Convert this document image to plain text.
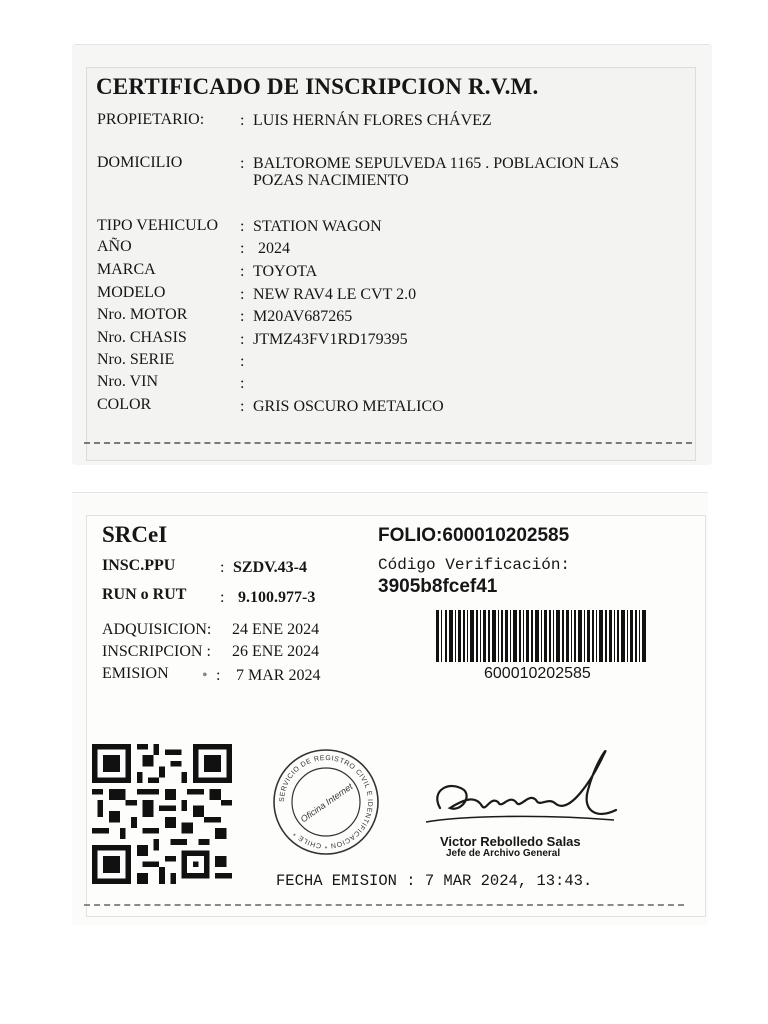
CERTIFICADO DE INSCRIPCION R.V.M.
PROPIETARIO: : LUIS HERNÁN FLORES CHÁVEZ
DOMICILIO	: BALTOROME SEPULVEDA 1165 . POBLACION LAS
POZAS NACIMIENTO
TIPO VEHICULO : STATION WAGON
AÑO	: 2024
MARCA	: TOYOTA
MODELO	: NEW RAV4 LE CVT 2.0
Nro. MOTOR	: M20AV687265
Nro. CHASIS	: JTMZ43FV1RD179395
Nro. SERIE	:
Nro. VIN	:
COLOR	: GRIS OSCURO METALICO
SRCeI
INSC.PPU	: SZDV.43-4
RUN o RUT : 9.100.977-3
ADQUISICION: 24 ENE 2024
INSCRIPCION : 26 ENE 2024
EMISION • : 7 MAR 2024
FOLIO:600010202585
Código Verificación:
3905b8fcef41
600010202585
SERVICIO DE REGISTRO CIVIL E IDENTIFICACION * CHILE *
Oficina Internet
Victor Rebolledo Salas
Jefe de Archivo General
FECHA EMISION : 7 MAR 2024, 13:43.
